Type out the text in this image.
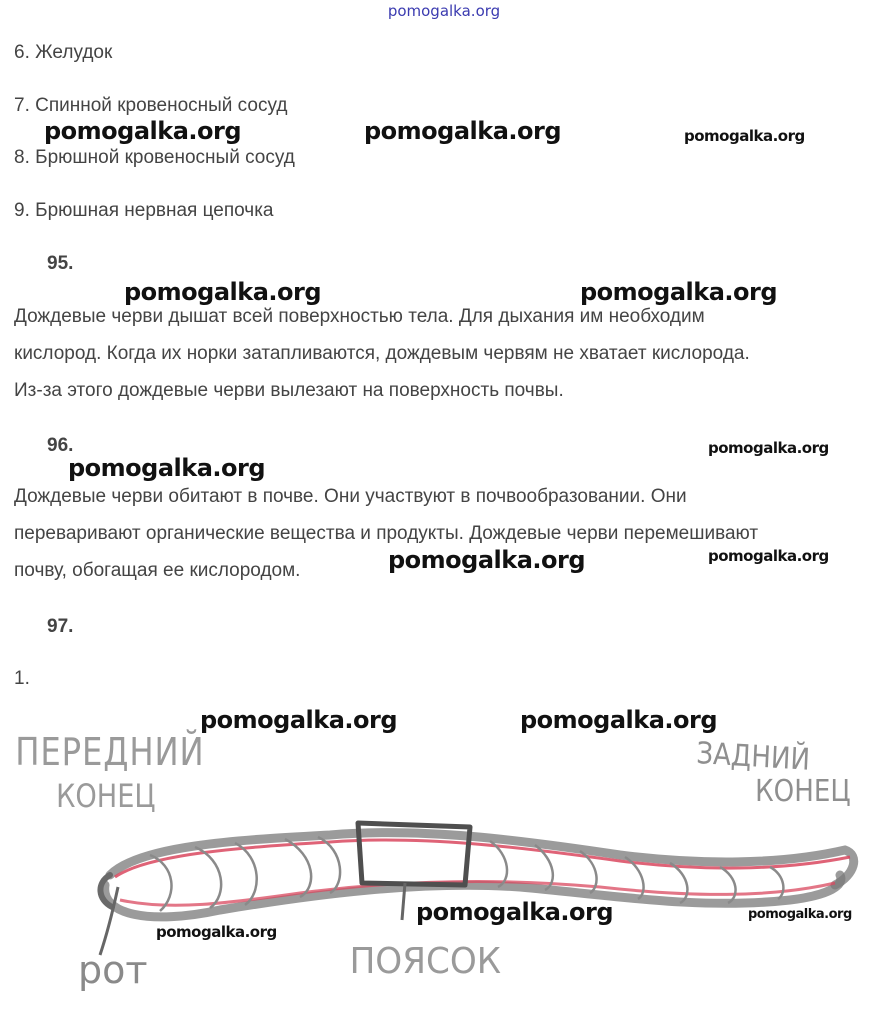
pomogalka.org
6. Желудок
7. Спинной кровеносный сосуд
8. Брюшной кровеносный сосуд
9. Брюшная нервная цепочка
95.

Дождевые черви дышат всей поверхностью тела. Для дыхания им необходим

кислород. Когда их норки затапливаются, дождевым червям не хватает кислорода.

Из-за этого дождевые черви вылезают на поверхность почвы.

96.

Дождевые черви обитают в почве. Они участвуют в почвообразовании. Они

переваривают органические вещества и продукты. Дождевые черви перемешивают

почву, обогащая ее кислородом.

97.
1.
ПЕРЕДНИЙ
КОНЕЦ
ЗАДНИЙ
КОНЕЦ
рот	ПОЯСОК
pomogalka.org	pomogalka.org	pomogalka.org
pomogalka.org	pomogalka.org
pomogalka.org
pomogalka.org
pomogalka.org	pomogalka.org
pomogalka.org	pomogalka.org
pomogalka.org	pomogalka.org
pomogalka.org
